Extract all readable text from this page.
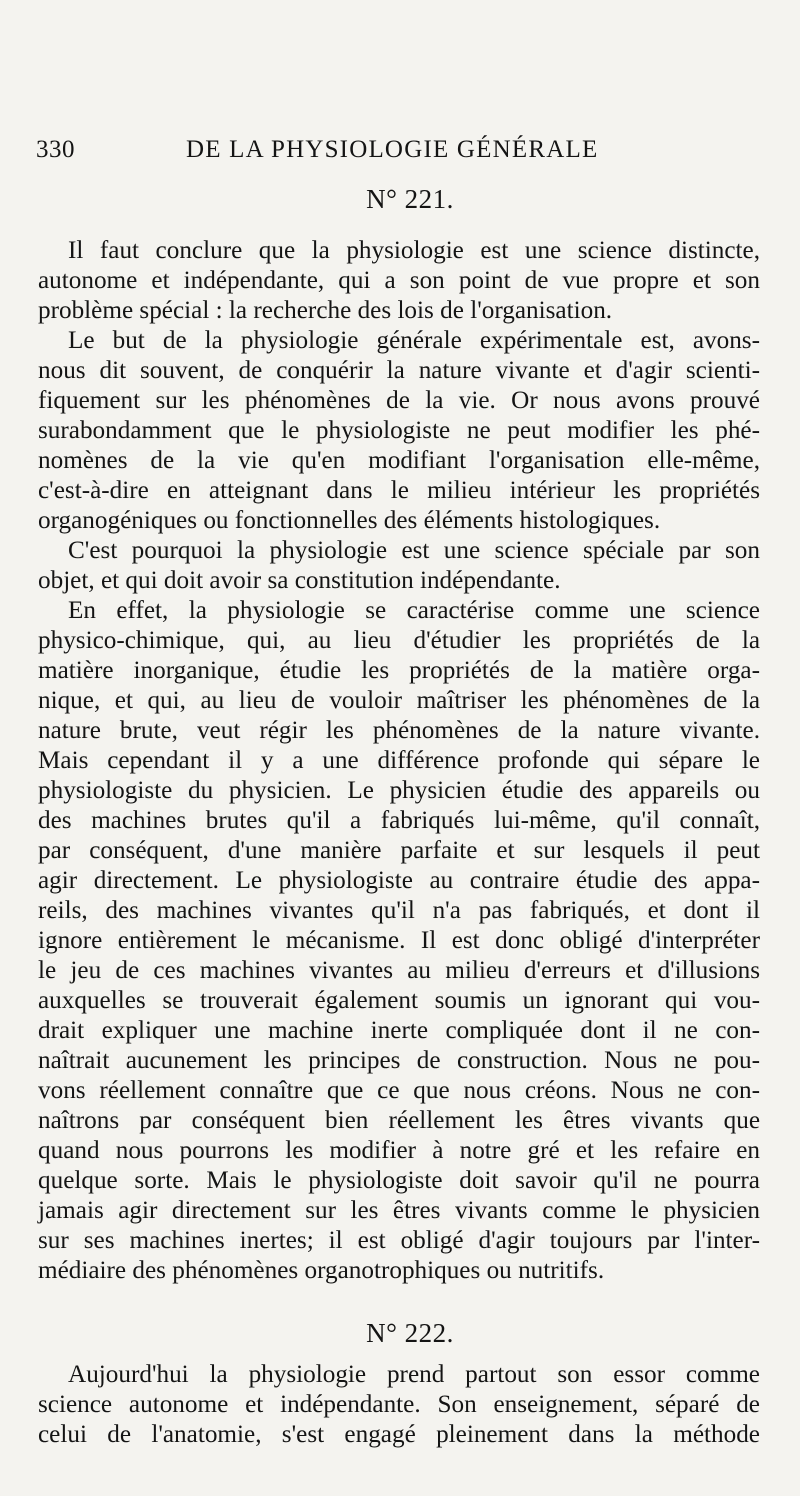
330	DE LA PHYSIOLOGIE GÉNÉRALE
N° 221.
Il faut conclure que la physiologie est une science distincte,
autonome et indépendante, qui a son point de vue propre et son
problème spécial : la recherche des lois de l'organisation.
Le but de la physiologie générale expérimentale est, avons-
nous dit souvent, de conquérir la nature vivante et d'agir scienti-
fiquement sur les phénomènes de la vie. Or nous avons prouvé
surabondamment que le physiologiste ne peut modifier les phé-
nomènes de la vie qu'en modifiant l'organisation elle-même,
c'est-à-dire en atteignant dans le milieu intérieur les propriétés
organogéniques ou fonctionnelles des éléments histologiques.
C'est pourquoi la physiologie est une science spéciale par son
objet, et qui doit avoir sa constitution indépendante.
En effet, la physiologie se caractérise comme une science
physico-chimique, qui, au lieu d'étudier les propriétés de la
matière inorganique, étudie les propriétés de la matière orga-
nique, et qui, au lieu de vouloir maîtriser les phénomènes de la
nature brute, veut régir les phénomènes de la nature vivante.
Mais cependant il y a une différence profonde qui sépare le
physiologiste du physicien. Le physicien étudie des appareils ou
des machines brutes qu'il a fabriqués lui-même, qu'il connaît,
par conséquent, d'une manière parfaite et sur lesquels il peut
agir directement. Le physiologiste au contraire étudie des appa-
reils, des machines vivantes qu'il n'a pas fabriqués, et dont il
ignore entièrement le mécanisme. Il est donc obligé d'interpréter
le jeu de ces machines vivantes au milieu d'erreurs et d'illusions
auxquelles se trouverait également soumis un ignorant qui vou-
drait expliquer une machine inerte compliquée dont il ne con-
naîtrait aucunement les principes de construction. Nous ne pou-
vons réellement connaître que ce que nous créons. Nous ne con-
naîtrons par conséquent bien réellement les êtres vivants que
quand nous pourrons les modifier à notre gré et les refaire en
quelque sorte. Mais le physiologiste doit savoir qu'il ne pourra
jamais agir directement sur les êtres vivants comme le physicien
sur ses machines inertes; il est obligé d'agir toujours par l'inter-
médiaire des phénomènes organotrophiques ou nutritifs.
N° 222.
Aujourd'hui la physiologie prend partout son essor comme
science autonome et indépendante. Son enseignement, séparé de
celui de l'anatomie, s'est engagé pleinement dans la méthode
